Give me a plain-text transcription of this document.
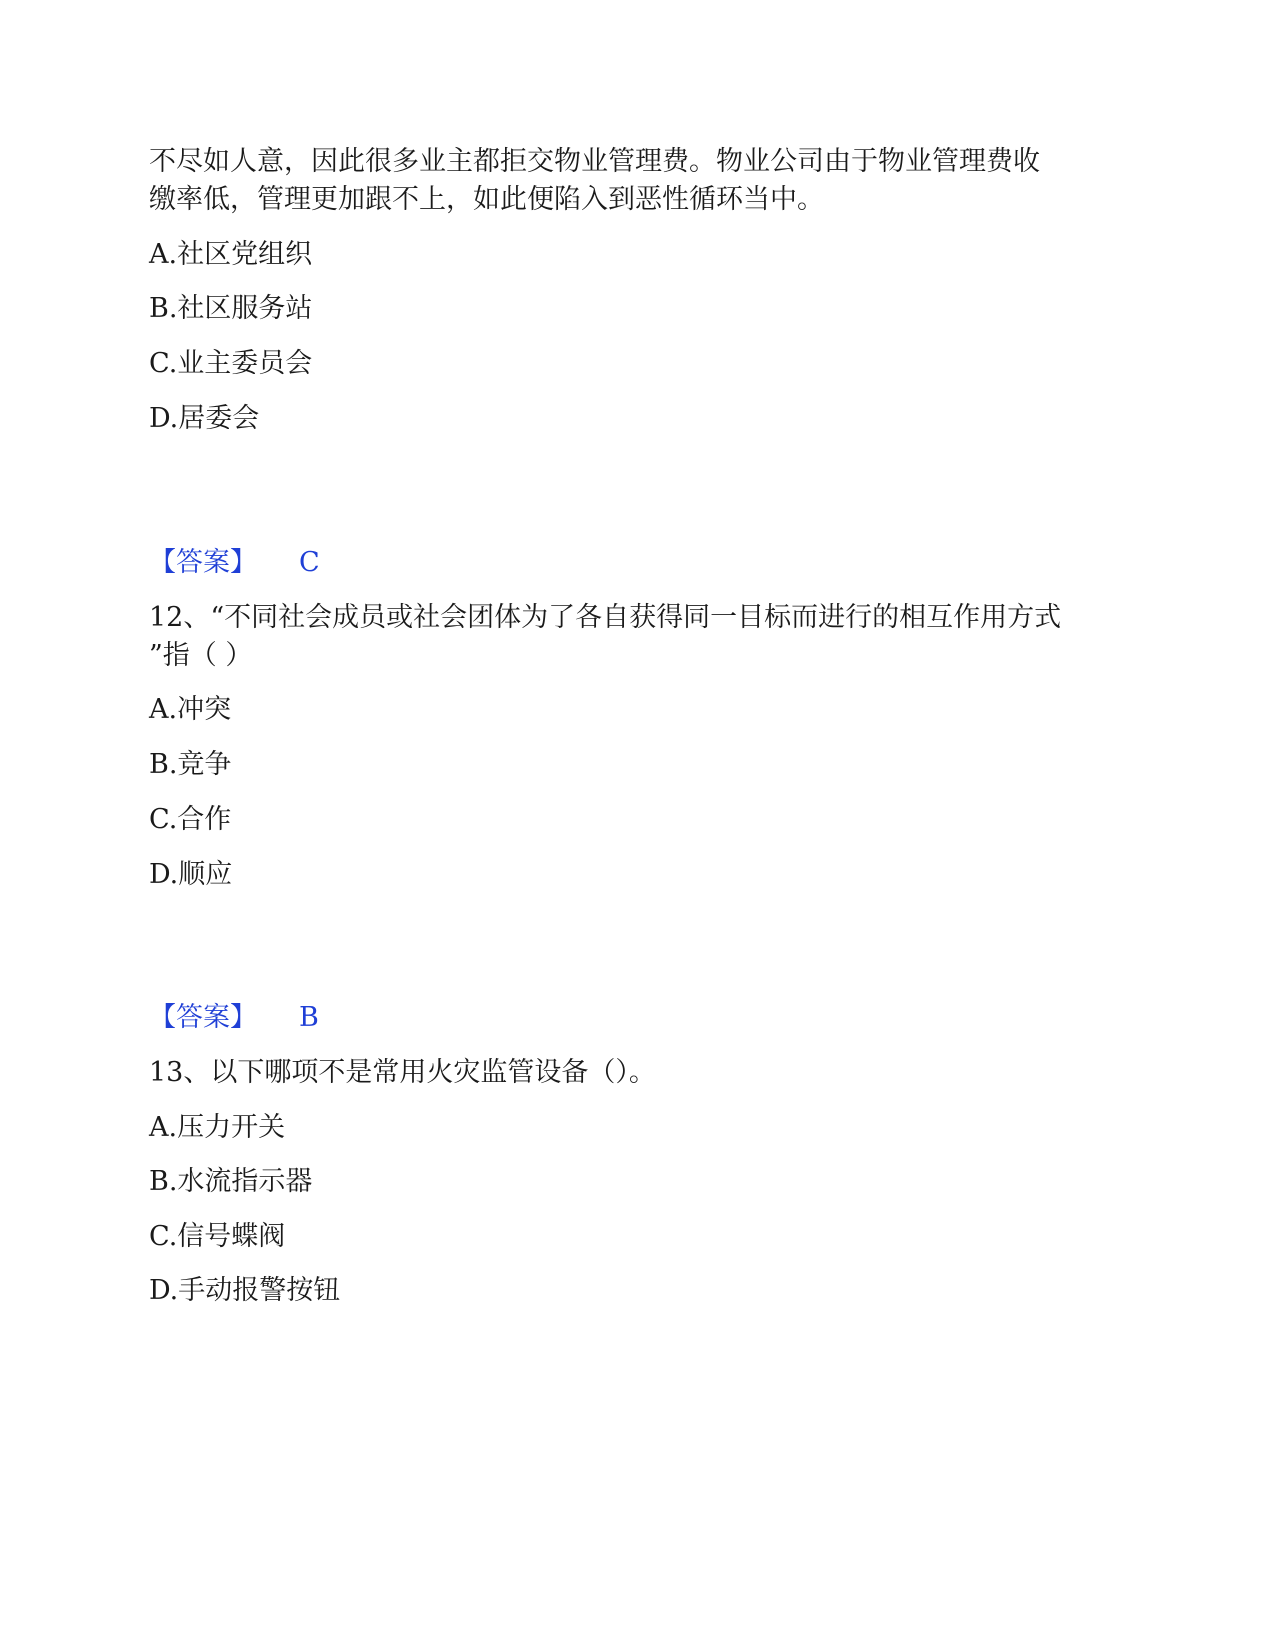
不尽如人意，因此很多业主都拒交物业管理费。物业公司由于物业管理费收
缴率低，管理更加跟不上，如此便陷入到恶性循环当中。
A.社区党组织
B.社区服务站
C.业主委员会
D.居委会
【答案】 C
12、“不同社会成员或社会团体为了各自获得同一目标而进行的相互作用方式
”指（ ）
A.冲突
B.竞争
C.合作
D.顺应
【答案】 B
13、以下哪项不是常用火灾监管设备（）。
A.压力开关
B.水流指示器
C.信号蝶阀
D.手动报警按钮
